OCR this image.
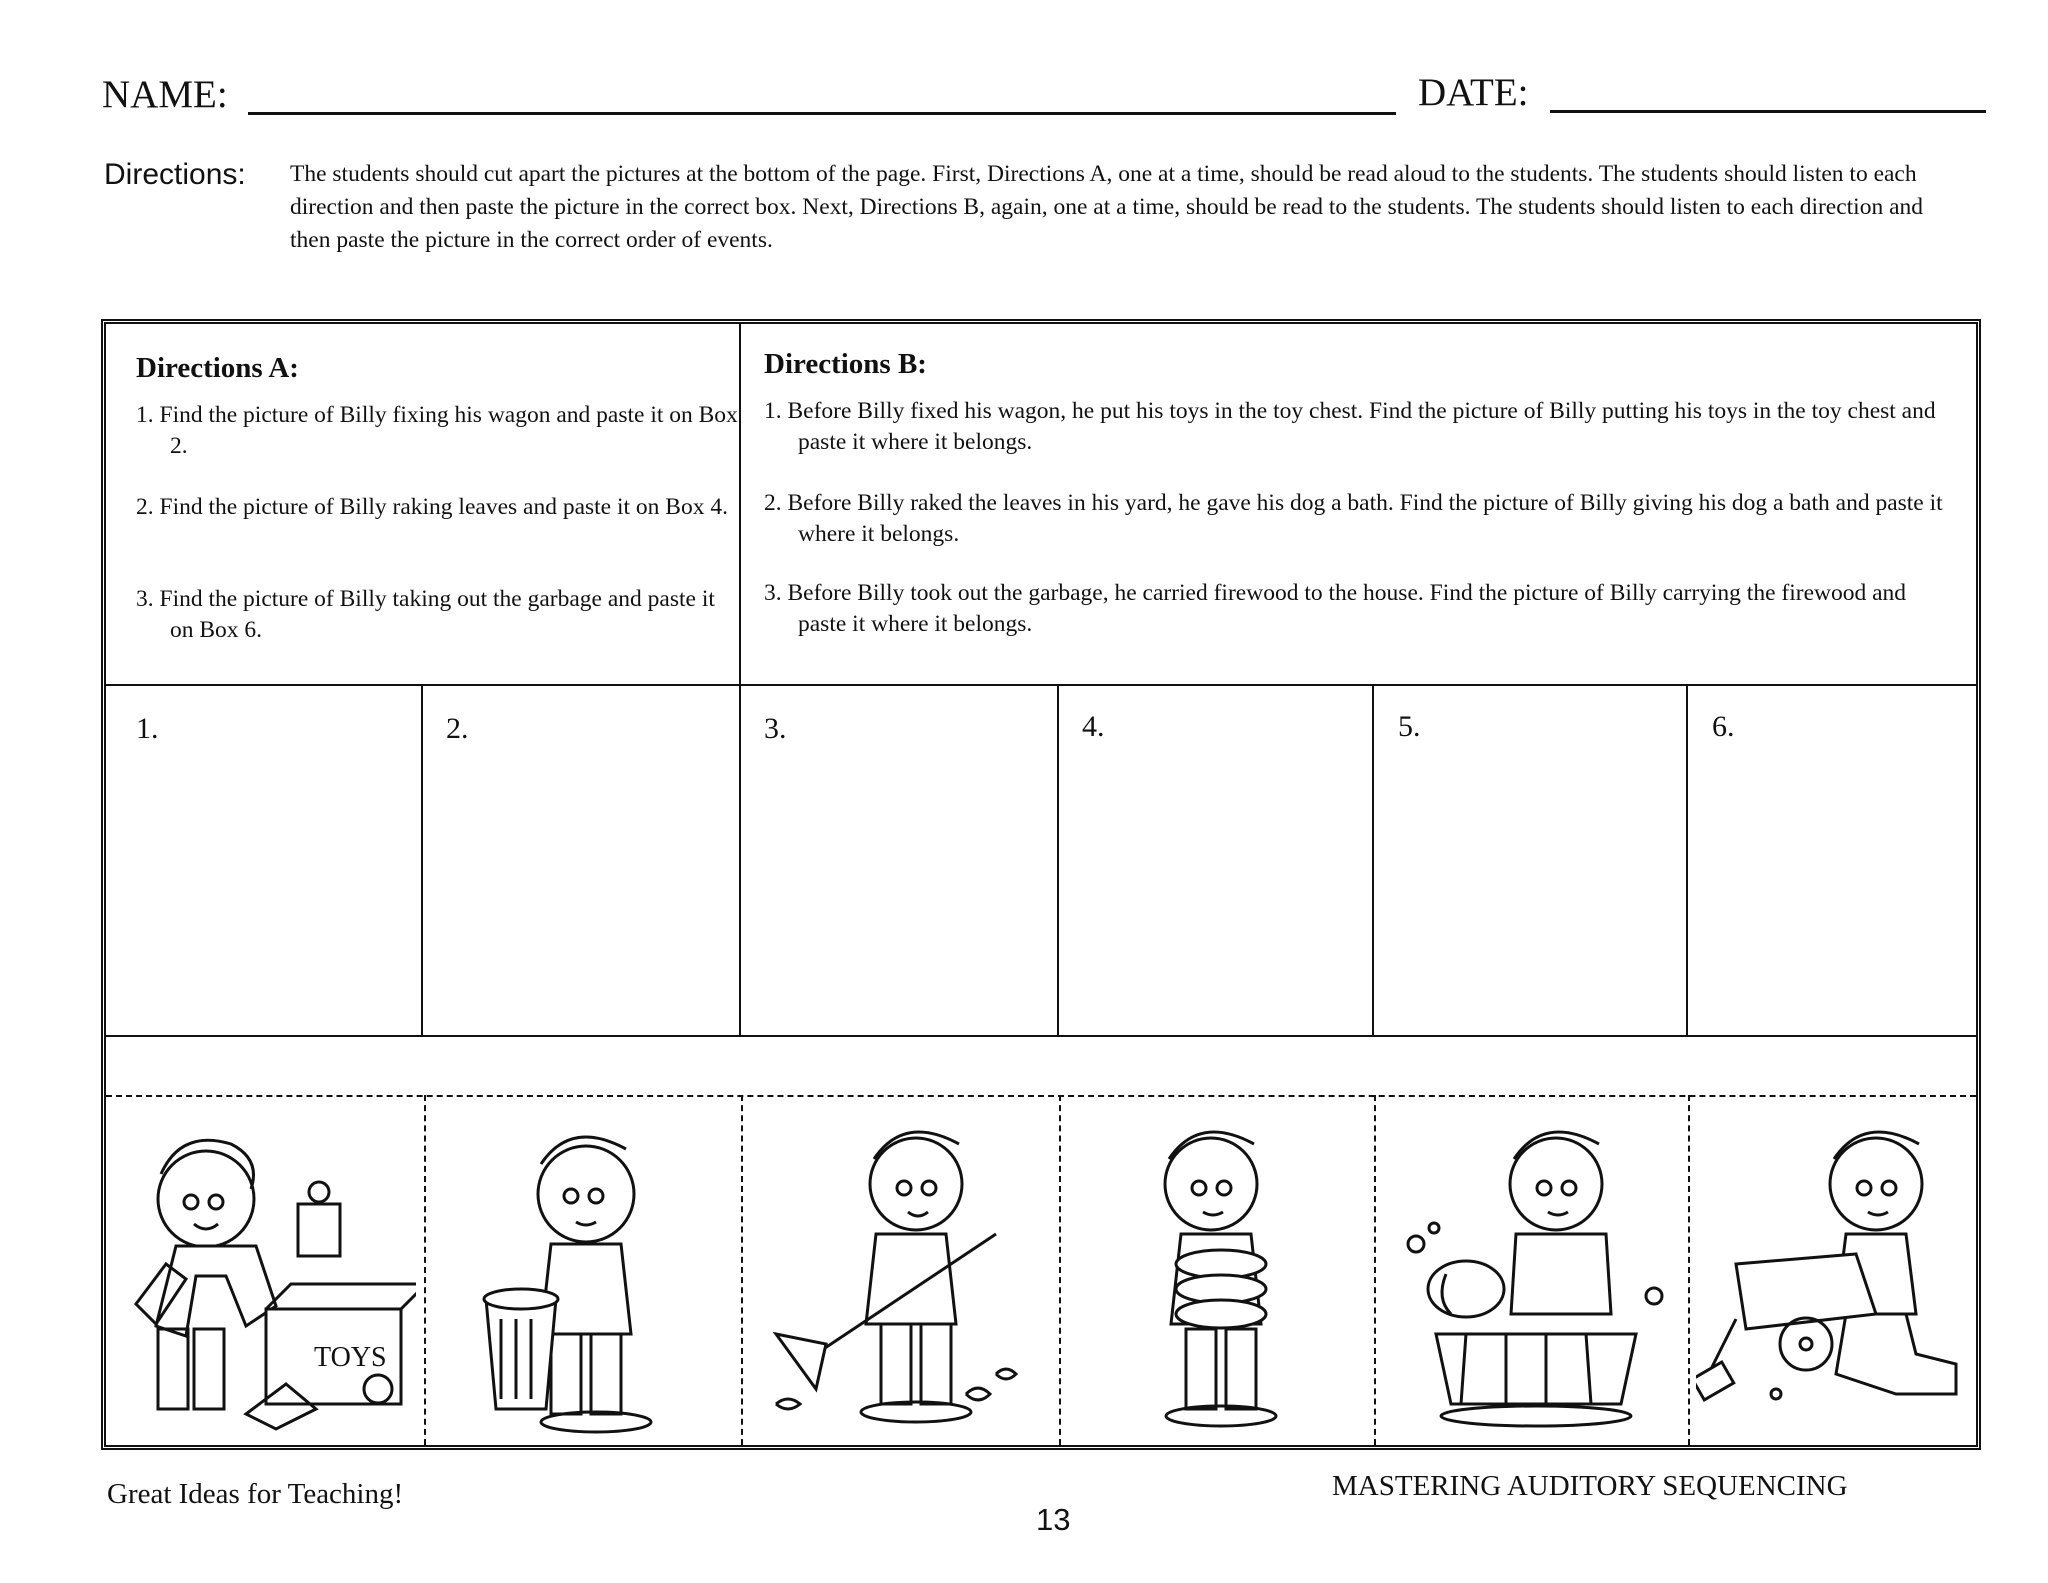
NAME:	DATE:
Directions: The students should cut apart the pictures at the bottom of the page. First, Directions A, one at a time, should be read aloud to the students. The students should listen to each direction and then paste the picture in the correct box. Next, Directions B, again, one at a time, should be read to the students. The students should listen to each direction and then paste the picture in the correct order of events.
Directions A:
1. Find the picture of Billy fixing his wagon and paste it on Box 2.
2. Find the picture of Billy raking leaves and paste it on Box 4.
3. Find the picture of Billy taking out the garbage and paste it on Box 6.
Directions B:
1. Before Billy fixed his wagon, he put his toys in the toy chest. Find the picture of Billy putting his toys in the toy chest and paste it where it belongs.
2. Before Billy raked the leaves in his yard, he gave his dog a bath. Find the picture of Billy giving his dog a bath and paste it where it belongs.
3. Before Billy took out the garbage, he carried firewood to the house. Find the picture of Billy carrying the firewood and paste it where it belongs.
1.	2.	3.	4.	5.	6.
TOYS
Great Ideas for Teaching!
13
MASTERING AUDITORY SEQUENCING
